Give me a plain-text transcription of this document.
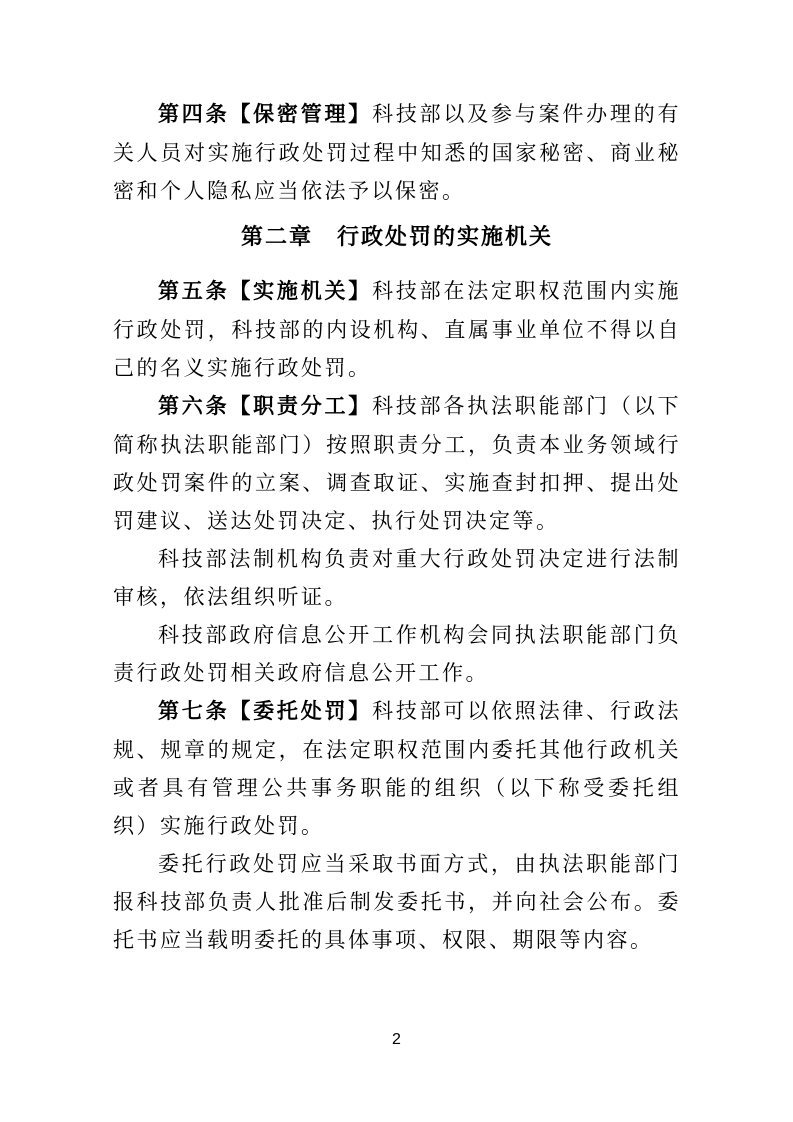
第四条【保密管理】科技部以及参与案件办理的有关人员对实施行政处罚过程中知悉的国家秘密、商业秘密和个人隐私应当依法予以保密。

第二章 行政处罚的实施机关

第五条【实施机关】科技部在法定职权范围内实施行政处罚，科技部的内设机构、直属事业单位不得以自己的名义实施行政处罚。

第六条【职责分工】科技部各执法职能部门（以下简称执法职能部门）按照职责分工，负责本业务领域行政处罚案件的立案、调查取证、实施查封扣押、提出处罚建议、送达处罚决定、执行处罚决定等。

科技部法制机构负责对重大行政处罚决定进行法制审核，依法组织听证。

科技部政府信息公开工作机构会同执法职能部门负责行政处罚相关政府信息公开工作。

第七条【委托处罚】科技部可以依照法律、行政法规、规章的规定，在法定职权范围内委托其他行政机关或者具有管理公共事务职能的组织（以下称受委托组织）实施行政处罚。

委托行政处罚应当采取书面方式，由执法职能部门报科技部负责人批准后制发委托书，并向社会公布。委托书应当载明委托的具体事项、权限、期限等内容。

2
